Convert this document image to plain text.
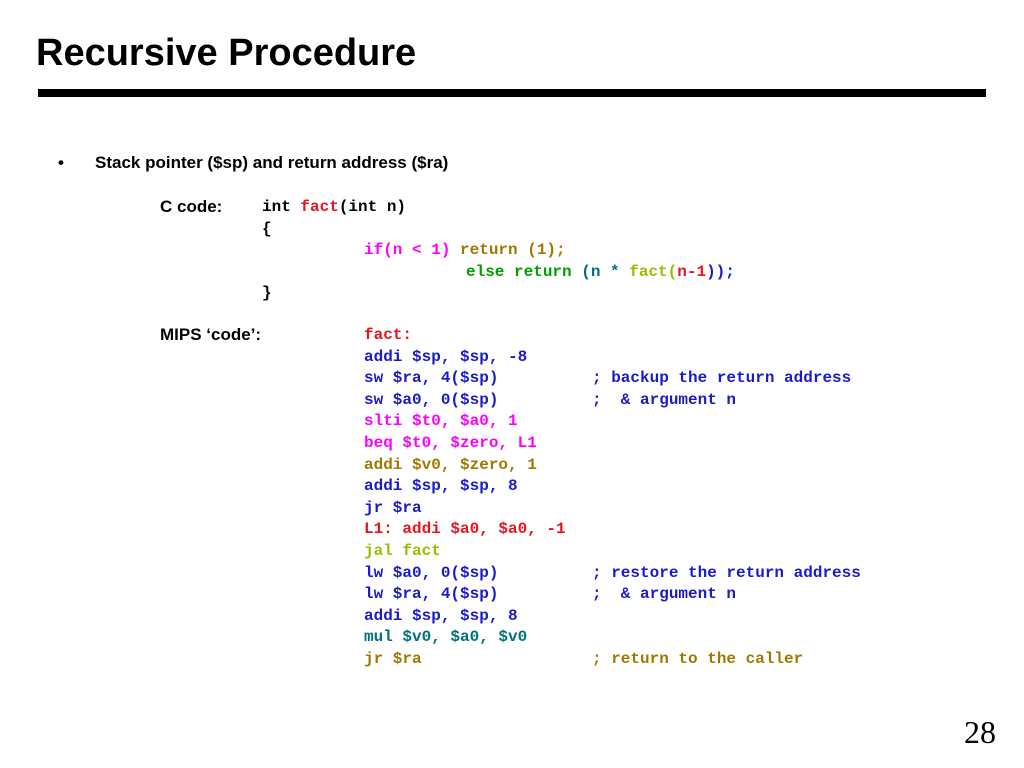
Recursive Procedure
• Stack pointer ($sp) and return address ($ra)
C code: int fact(int n)
{
if(n < 1) return (1);
else return (n * fact(n-1));
}
MIPS ‘code’:	fact:
addi $sp, $sp, -8
sw $ra, 4($sp)	; backup the return address
sw $a0, 0($sp)	;  & argument n
slti $t0, $a0, 1
beq $t0, $zero, L1
addi $v0, $zero, 1
addi $sp, $sp, 8
jr $ra
L1: addi $a0, $a0, -1
jal fact
lw $a0, 0($sp)	; restore the return address
lw $ra, 4($sp)	;  & argument n
addi $sp, $sp, 8
mul $v0, $a0, $v0
jr $ra	; return to the caller
28
